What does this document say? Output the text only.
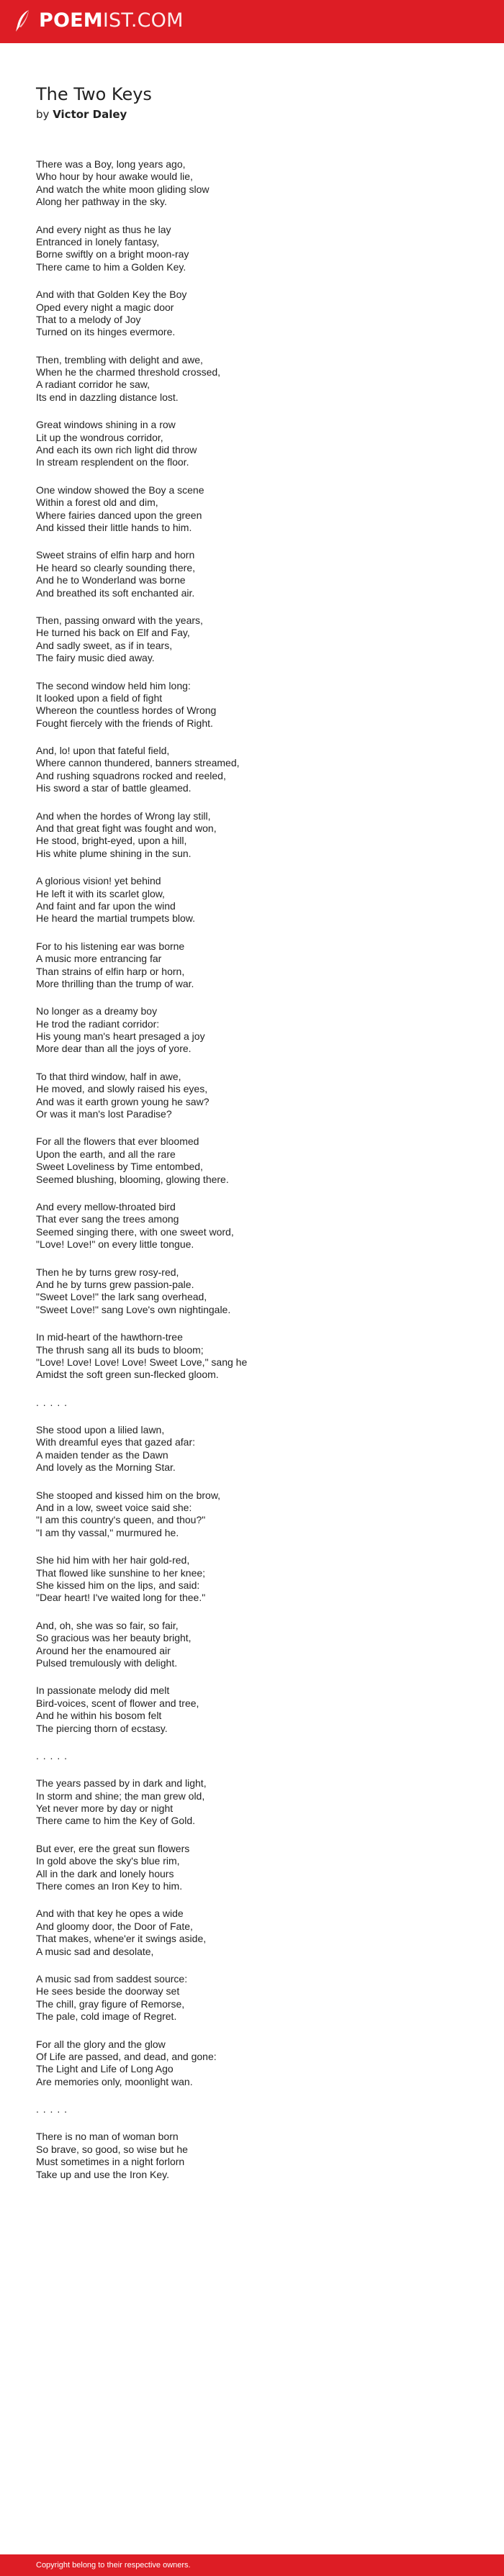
POEMIST.COM
The Two Keys
by Victor Daley
There was a Boy, long years ago,
Who hour by hour awake would lie,
And watch the white moon gliding slow
Along her pathway in the sky.
And every night as thus he lay
Entranced in lonely fantasy,
Borne swiftly on a bright moon-ray
There came to him a Golden Key.
And with that Golden Key the Boy
Oped every night a magic door
That to a melody of Joy
Turned on its hinges evermore.
Then, trembling with delight and awe,
When he the charmed threshold crossed,
A radiant corridor he saw,
Its end in dazzling distance lost.
Great windows shining in a row
Lit up the wondrous corridor,
And each its own rich light did throw
In stream resplendent on the floor.
One window showed the Boy a scene
Within a forest old and dim,
Where fairies danced upon the green
And kissed their little hands to him.
Sweet strains of elfin harp and horn
He heard so clearly sounding there,
And he to Wonderland was borne
And breathed its soft enchanted air.
Then, passing onward with the years,
He turned his back on Elf and Fay,
And sadly sweet, as if in tears,
The fairy music died away.
The second window held him long:
It looked upon a field of fight
Whereon the countless hordes of Wrong
Fought fiercely with the friends of Right.
And, lo! upon that fateful field,
Where cannon thundered, banners streamed,
And rushing squadrons rocked and reeled,
His sword a star of battle gleamed.
And when the hordes of Wrong lay still,
And that great fight was fought and won,
He stood, bright-eyed, upon a hill,
His white plume shining in the sun.
A glorious vision! yet behind
He left it with its scarlet glow,
And faint and far upon the wind
He heard the martial trumpets blow.
For to his listening ear was borne
A music more entrancing far
Than strains of elfin harp or horn,
More thrilling than the trump of war.
No longer as a dreamy boy
He trod the radiant corridor:
His young man's heart presaged a joy
More dear than all the joys of yore.
To that third window, half in awe,
He moved, and slowly raised his eyes,
And was it earth grown young he saw?
Or was it man's lost Paradise?
For all the flowers that ever bloomed
Upon the earth, and all the rare
Sweet Loveliness by Time entombed,
Seemed blushing, blooming, glowing there.
And every mellow-throated bird
That ever sang the trees among
Seemed singing there, with one sweet word,
"Love! Love!" on every little tongue.
Then he by turns grew rosy-red,
And he by turns grew passion-pale.
"Sweet Love!" the lark sang overhead,
"Sweet Love!" sang Love's own nightingale.
In mid-heart of the hawthorn-tree
The thrush sang all its buds to bloom;
"Love! Love! Love! Love! Sweet Love," sang he
Amidst the soft green sun-flecked gloom.
. . . . .
She stood upon a lilied lawn,
With dreamful eyes that gazed afar:
A maiden tender as the Dawn
And lovely as the Morning Star.
She stooped and kissed him on the brow,
And in a low, sweet voice said she:
"I am this country's queen, and thou?"
"I am thy vassal," murmured he.
She hid him with her hair gold-red,
That flowed like sunshine to her knee;
She kissed him on the lips, and said:
"Dear heart! I've waited long for thee."
And, oh, she was so fair, so fair,
So gracious was her beauty bright,
Around her the enamoured air
Pulsed tremulously with delight.
In passionate melody did melt
Bird-voices, scent of flower and tree,
And he within his bosom felt
The piercing thorn of ecstasy.
. . . . .
The years passed by in dark and light,
In storm and shine; the man grew old,
Yet never more by day or night
There came to him the Key of Gold.
But ever, ere the great sun flowers
In gold above the sky's blue rim,
All in the dark and lonely hours
There comes an Iron Key to him.
And with that key he opes a wide
And gloomy door, the Door of Fate,
That makes, whene'er it swings aside,
A music sad and desolate,
A music sad from saddest source:
He sees beside the doorway set
The chill, gray figure of Remorse,
The pale, cold image of Regret.
For all the glory and the glow
Of Life are passed, and dead, and gone:
The Light and Life of Long Ago
Are memories only, moonlight wan.
. . . . .
There is no man of woman born
So brave, so good, so wise but he
Must sometimes in a night forlorn
Take up and use the Iron Key.
Copyright belong to their respective owners.
